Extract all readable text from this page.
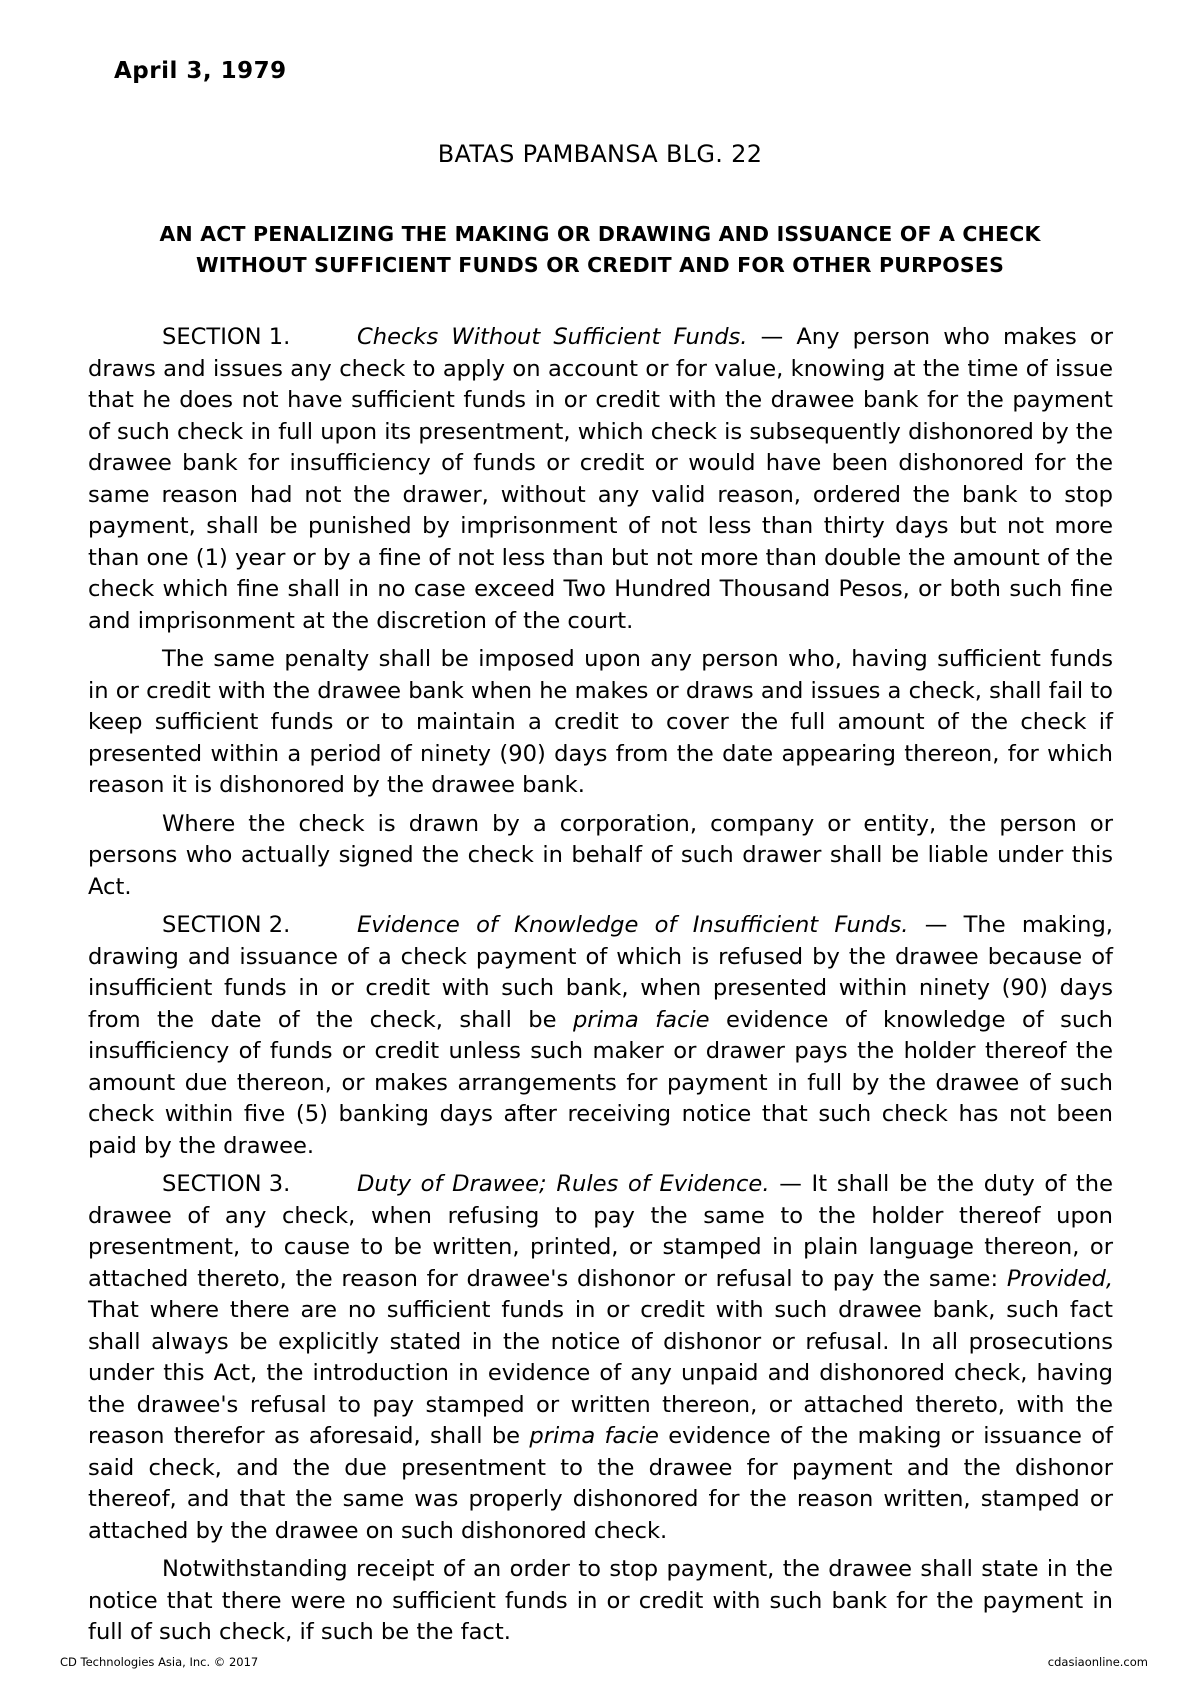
April 3, 1979
BATAS PAMBANSA BLG. 22
AN ACT PENALIZING THE MAKING OR DRAWING AND ISSUANCE OF A CHECK WITHOUT SUFFICIENT FUNDS OR CREDIT AND FOR OTHER PURPOSES

SECTION 1.	Checks Without Sufficient Funds. — Any person who makes or draws and issues any check to apply on account or for value, knowing at the time of issue that he does not have sufficient funds in or credit with the drawee bank for the payment of such check in full upon its presentment, which check is subsequently dishonored by the drawee bank for insufficiency of funds or credit or would have been dishonored for the same reason had not the drawer, without any valid reason, ordered the bank to stop payment, shall be punished by imprisonment of not less than thirty days but not more than one (1) year or by a fine of not less than but not more than double the amount of the check which fine shall in no case exceed Two Hundred Thousand Pesos, or both such fine and imprisonment at the discretion of the court.

The same penalty shall be imposed upon any person who, having sufficient funds in or credit with the drawee bank when he makes or draws and issues a check, shall fail to keep sufficient funds or to maintain a credit to cover the full amount of the check if presented within a period of ninety (90) days from the date appearing thereon, for which reason it is dishonored by the drawee bank.

Where the check is drawn by a corporation, company or entity, the person or persons who actually signed the check in behalf of such drawer shall be liable under this Act.

SECTION 2.	Evidence of Knowledge of Insufficient Funds. — The making, drawing and issuance of a check payment of which is refused by the drawee because of insufficient funds in or credit with such bank, when presented within ninety (90) days from the date of the check, shall be prima facie evidence of knowledge of such insufficiency of funds or credit unless such maker or drawer pays the holder thereof the amount due thereon, or makes arrangements for payment in full by the drawee of such check within five (5) banking days after receiving notice that such check has not been paid by the drawee.

SECTION 3.	Duty of Drawee; Rules of Evidence. — It shall be the duty of the drawee of any check, when refusing to pay the same to the holder thereof upon presentment, to cause to be written, printed, or stamped in plain language thereon, or attached thereto, the reason for drawee's dishonor or refusal to pay the same: Provided, That where there are no sufficient funds in or credit with such drawee bank, such fact shall always be explicitly stated in the notice of dishonor or refusal. In all prosecutions under this Act, the introduction in evidence of any unpaid and dishonored check, having the drawee's refusal to pay stamped or written thereon, or attached thereto, with the reason therefor as aforesaid, shall be prima facie evidence of the making or issuance of said check, and the due presentment to the drawee for payment and the dishonor thereof, and that the same was properly dishonored for the reason written, stamped or attached by the drawee on such dishonored check.

Notwithstanding receipt of an order to stop payment, the drawee shall state in the notice that there were no sufficient funds in or credit with such bank for the payment in full of such check, if such be the fact.

CD Technologies Asia, Inc. © 2017	cdasiaonline.com
